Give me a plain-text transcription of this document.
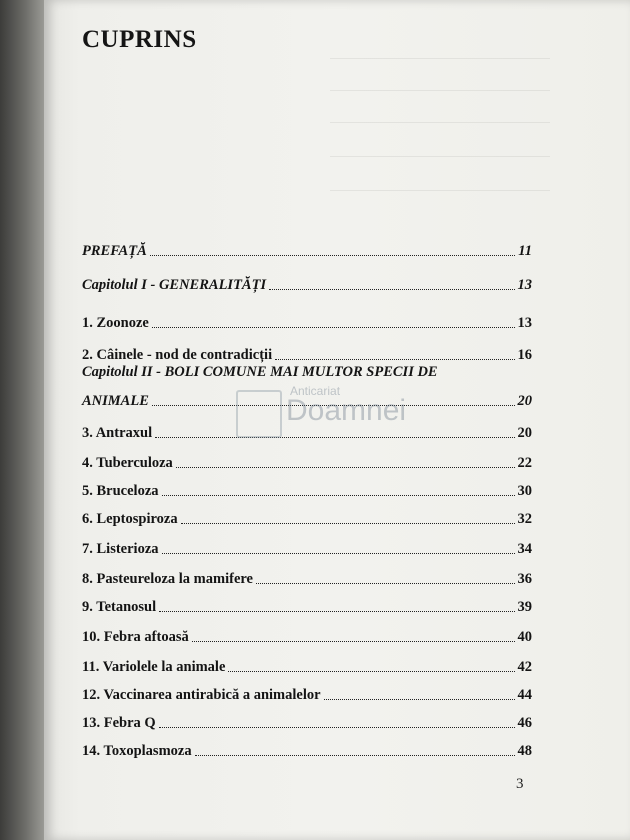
CUPRINS
PREFAȚĂ	11
Capitolul I - GENERALITĂȚI	13
1. Zoonoze	13
2. Câinele - nod de contradicții	16
Capitolul II - BOLI COMUNE MAI MULTOR SPECII DE
ANIMALE	20
3. Antraxul	20
4. Tuberculoza	22
5. Bruceloza	30
6. Leptospiroza	32
7. Listerioza	34
8. Pasteureloza la mamifere	36
9. Tetanosul	39
10. Febra aftoasă	40
11. Variolele la animale	42
12. Vaccinarea antirabică a animalelor	44
13. Febra Q	46
14. Toxoplasmoza	48
Anticariat
Doamnei
3
